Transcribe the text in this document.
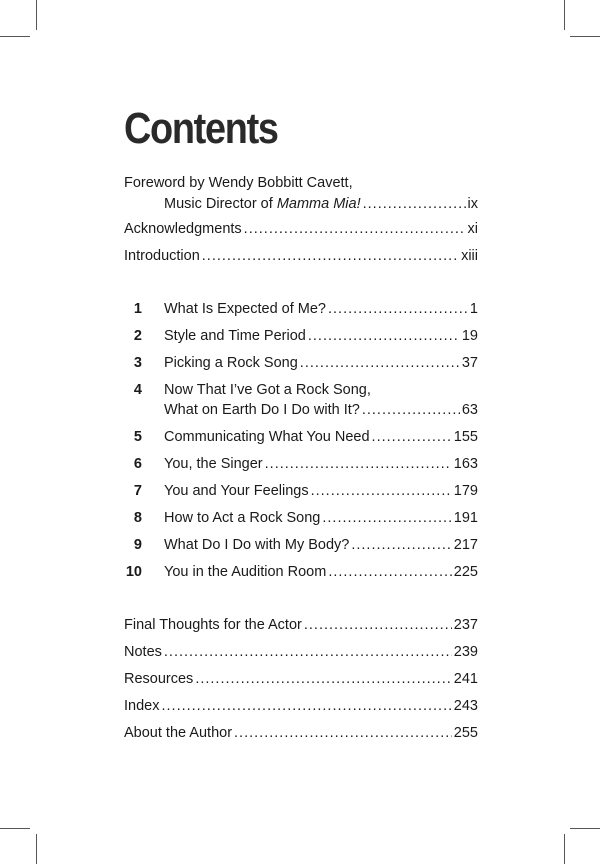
Contents
Foreword by Wendy Bobbitt Cavett,
Music Director of Mamma Mia! .....	ix
Acknowledgments .....	xi
Introduction .....	xiii
1 What Is Expected of Me? .....	1
2 Style and Time Period .....	19
3 Picking a Rock Song .....	37
4 Now That I’ve Got a Rock Song,
What on Earth Do I Do with It? .....	63
5 Communicating What You Need .....	155
6 You, the Singer .....	163
7 You and Your Feelings .....	179
8 How to Act a Rock Song .....	191
9 What Do I Do with My Body? .....	217
10 You in the Audition Room .....	225
Final Thoughts for the Actor .....	237
Notes .....	239
Resources .....	241
Index .....	243
About the Author .....	255
